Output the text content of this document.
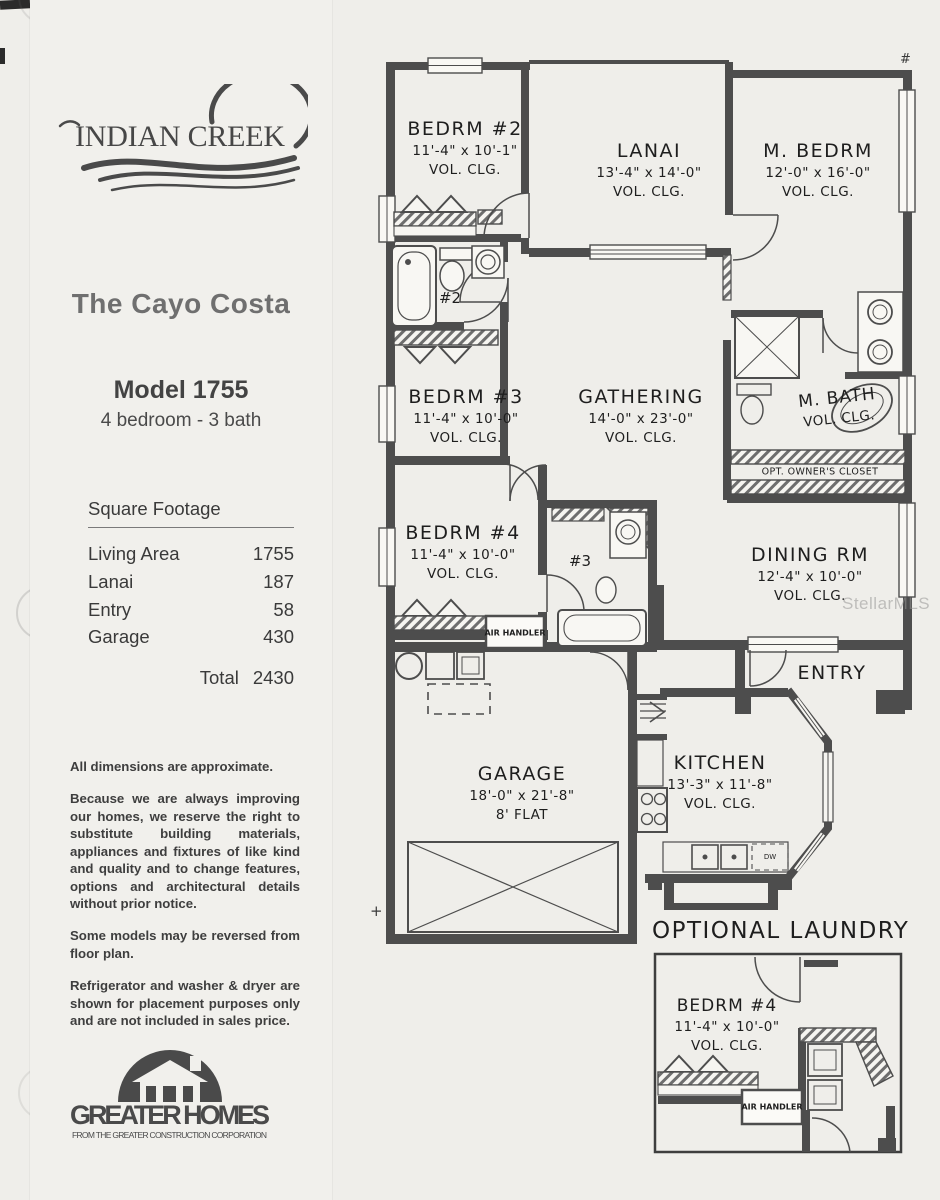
INDIAN CREEK
The Cayo Costa
Model 1755
4 bedroom - 3 bath
Square Footage
Living Area	1755
Lanai	187
Entry	58
Garage	430
Total 2430

All dimensions are approximate.

Because we are always improving our homes, we reserve the right to substitute building materials, appliances and fixtures of like kind and quality and to change features, options and architectural details without prior notice.

Some models may be reversed from floor plan.

Refrigerator and washer & dryer are shown for placement purposes only and are not included in sales price.

GREATER HOMES
FROM THE GREATER CONSTRUCTION CORPORATION
BEDRM #2
11'-4" x 10'-1"
VOL. CLG.
LANAI
13'-4" x 14'-0"
VOL. CLG.
M. BEDRM
12'-0" x 16'-0"
VOL. CLG.
BEDRM #3
11'-4" x 10'-0"
VOL. CLG.
GATHERING
14'-0" x 23'-0"
VOL. CLG.
M. BATH
VOL. CLG.
BEDRM #4
11'-4" x 10'-0"
VOL. CLG.
DINING RM
12'-4" x 10'-0"
VOL. CLG.
ENTRY
GARAGE
18'-0" x 21'-8"
8' FLAT
KITCHEN
13'-3" x 11'-8"
VOL. CLG.
#2
#3
AIR HANDLER
OPT. OWNER'S CLOSET
DW
OPTIONAL LAUNDRY
BEDRM #4
11'-4" x 10'-0"
VOL. CLG.
AIR HANDLER
#
+
StellarMLS
